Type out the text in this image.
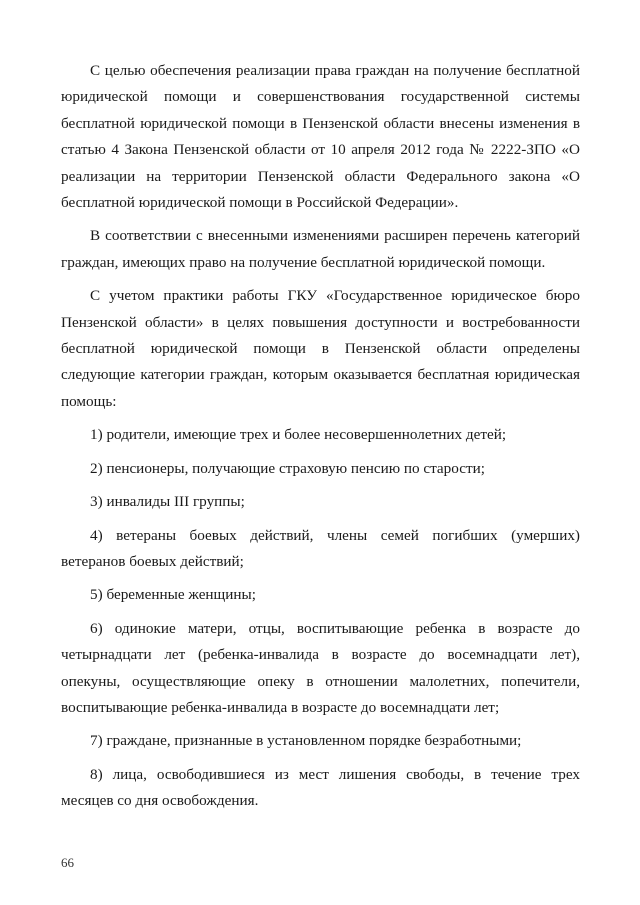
С целью обеспечения реализации права граждан на получение бесплатной юридической помощи и совершенствования государственной системы бесплатной юридической помощи в Пензенской области внесены изменения в статью 4 Закона Пензенской области от 10 апреля 2012 года № 2222-ЗПО «О реализации на территории Пензенской области Федерального закона «О бесплатной юридической помощи в Российской Федерации».

В соответствии с внесенными изменениями расширен перечень категорий граждан, имеющих право на получение бесплатной юридической помощи.

С учетом практики работы ГКУ «Государственное юридическое бюро Пензенской области» в целях повышения доступности и востребованности бесплатной юридической помощи в Пензенской области определены следующие категории граждан, которым оказывается бесплатная юридическая помощь:

1) родители, имеющие трех и более несовершеннолетних детей;

2) пенсионеры, получающие страховую пенсию по старости;

3) инвалиды III группы;

4) ветераны боевых действий, члены семей погибших (умерших) ветеранов боевых действий;

5) беременные женщины;

6) одинокие матери, отцы, воспитывающие ребенка в возрасте до четырнадцати лет (ребенка-инвалида в возрасте до восемнадцати лет), опекуны, осуществляющие опеку в отношении малолетних, попечители, воспитывающие ребенка-инвалида в возрасте до восемнадцати лет;

7) граждане, признанные в установленном порядке безработными;

8) лица, освободившиеся из мест лишения свободы, в течение трех месяцев со дня освобождения.

66
